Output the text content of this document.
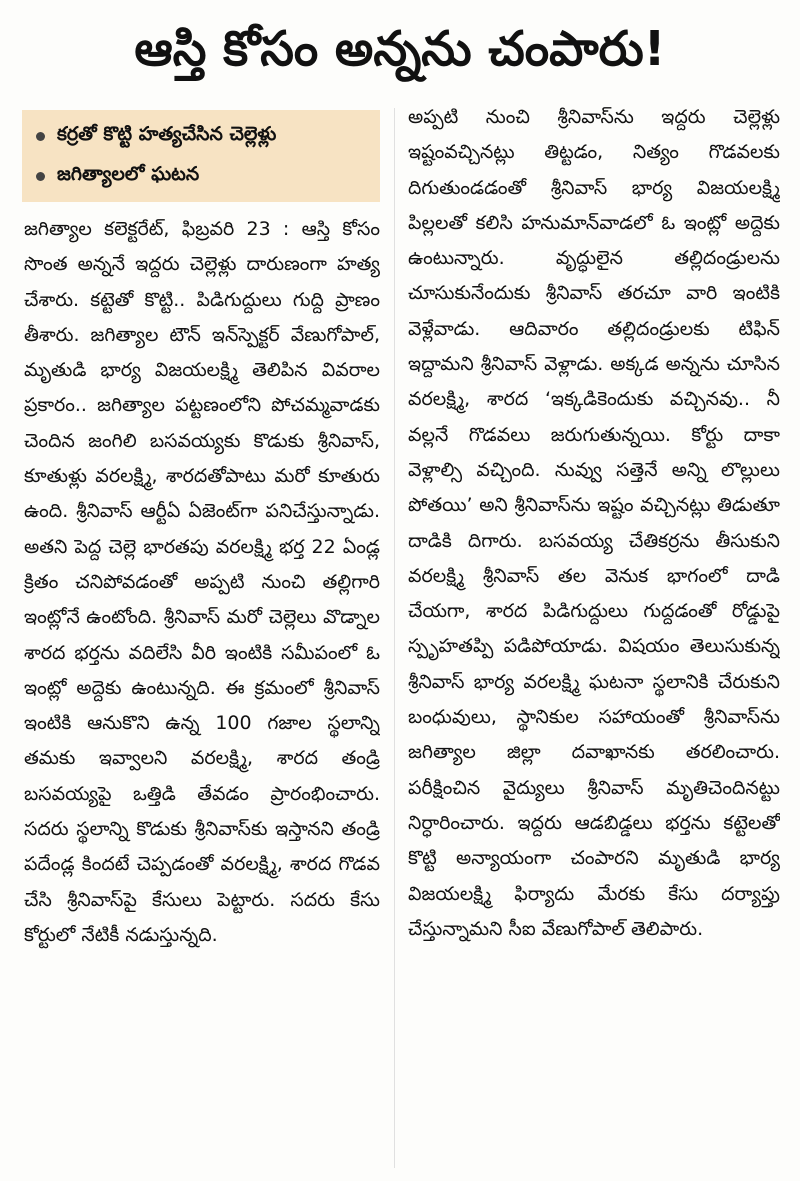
ఆస్తి కోసం అన్నను చంపారు!
కర్రతో కొట్టి హత్యచేసిన చెల్లెళ్లు
జగిత్యాలలో ఘటన

జగిత్యాల కలెక్టరేట్‌, ఫిబ్రవరి 23 : ఆస్తి కోసం సొంత అన్ననే ఇద్దరు చెల్లెళ్లు దారుణంగా హత్య చేశారు. కట్టెతో కొట్టి.. పిడిగుద్దులు గుద్ది ప్రాణం తీశారు. జగిత్యాల టౌన్‌ ఇన్‌స్పెక్టర్‌ వేణుగోపాల్‌, మృతుడి భార్య విజయలక్ష్మి తెలిపిన వివరాల ప్రకారం.. జగిత్యాల పట్టణంలోని పోచమ్మవాడకు చెందిన జంగిలి బసవయ్యకు కొడుకు శ్రీనివాస్‌, కూతుళ్లు వరలక్ష్మి, శారదతోపాటు మరో కూతురు ఉంది. శ్రీనివాస్‌ ఆర్టీఏ ఏజెంట్‌గా పనిచేస్తున్నాడు. అతని పెద్ద చెల్లె భారతపు వరలక్ష్మి భర్త 22 ఏండ్ల క్రితం చనిపోవడంతో అప్పటి నుంచి తల్లిగారి ఇంట్లోనే ఉంటోంది. శ్రీనివాస్‌ మరో చెల్లెలు వొడ్నాల శారద భర్తను వదిలేసి వీరి ఇంటికి సమీపంలో ఓ ఇంట్లో అద్దెకు ఉంటున్నది. ఈ క్రమంలో శ్రీనివాస్‌ ఇంటికి ఆనుకొని ఉన్న 100 గజాల స్థలాన్ని తమకు ఇవ్వాలని వరలక్ష్మి, శారద తండ్రి బసవయ్యపై ఒత్తిడి తేవడం ప్రారంభించారు. సదరు స్థలాన్ని కొడుకు శ్రీనివాస్‌కు ఇస్తానని తండ్రి పదేండ్ల కిందటే చెప్పడంతో వరలక్ష్మి, శారద గొడవ చేసి శ్రీనివాస్‌పై కేసులు పెట్టారు. సదరు కేసు కోర్టులో నేటికీ నడుస్తున్నది.

అప్పటి నుంచి శ్రీనివాస్‌ను ఇద్దరు చెల్లెళ్లు ఇష్టంవచ్చినట్లు తిట్టడం, నిత్యం గొడవలకు దిగుతుండడంతో శ్రీనివాస్‌ భార్య విజయలక్ష్మి పిల్లలతో కలిసి హనుమాన్‌వాడలో ఓ ఇంట్లో అద్దెకు ఉంటున్నారు. వృద్ధులైన తల్లిదండ్రులను చూసుకునేందుకు శ్రీనివాస్‌ తరచూ వారి ఇంటికి వెళ్లేవాడు. ఆదివారం తల్లిదండ్రులకు టిఫిన్‌ ఇద్దామని శ్రీనివాస్‌ వెళ్లాడు. అక్కడ అన్నను చూసిన వరలక్ష్మి, శారద ‘ఇక్కడికెందుకు వచ్చినవు.. నీ వల్లనే గొడవలు జరుగుతున్నయి. కోర్టు దాకా వెళ్లాల్సి వచ్చింది. నువ్వు సత్తెనే అన్ని లొల్లులు పోతయి’ అని శ్రీనివాస్‌ను ఇష్టం వచ్చినట్లు తిడుతూ దాడికి దిగారు. బసవయ్య చేతికర్రను తీసుకుని వరలక్ష్మి శ్రీనివాస్‌ తల వెనుక భాగంలో దాడి చేయగా, శారద పిడిగుద్దులు గుద్దడంతో రోడ్డుపై స్పృహతప్పి పడిపోయాడు. విషయం తెలుసుకున్న శ్రీనివాస్‌ భార్య వరలక్ష్మి ఘటనా స్థలానికి చేరుకుని బంధువులు, స్థానికుల సహాయంతో శ్రీనివాస్‌ను జగిత్యాల జిల్లా దవాఖానకు తరలించారు. పరీక్షించిన వైద్యులు శ్రీనివాస్‌ మృతిచెందినట్టు నిర్ధారించారు. ఇద్దరు ఆడబిడ్డలు భర్తను కట్టెలతో కొట్టి అన్యాయంగా చంపారని మృతుడి భార్య విజయలక్ష్మి ఫిర్యాదు మేరకు కేసు దర్యాప్తు చేస్తున్నామని సీఐ వేణుగోపాల్‌ తెలిపారు.
